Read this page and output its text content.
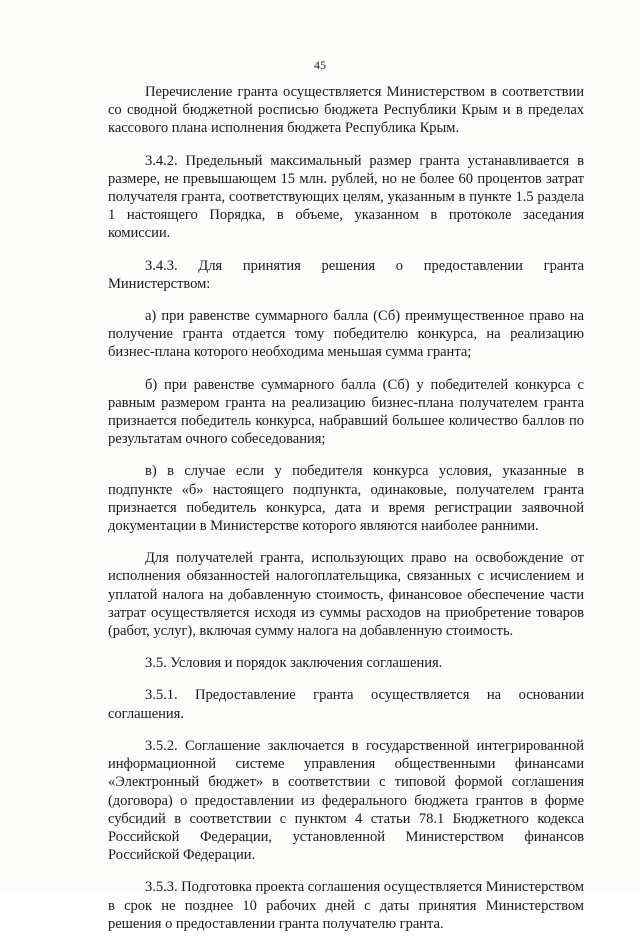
45

Перечисление гранта осуществляется Министерством в соответствии со сводной бюджетной росписью бюджета Республики Крым и в пределах кассового плана исполнения бюджета Республика Крым.

3.4.2. Предельный максимальный размер гранта устанавливается в размере, не превышающем 15 млн. рублей, но не более 60 процентов затрат получателя гранта, соответствующих целям, указанным в пункте 1.5 раздела 1 настоящего Порядка, в объеме, указанном в протоколе заседания комиссии.

3.4.3. Для принятия решения о предоставлении гранта Министерством:

а) при равенстве суммарного балла (Сб) преимущественное право на получение гранта отдается тому победителю конкурса, на реализацию бизнес-плана которого необходима меньшая сумма гранта;

б) при равенстве суммарного балла (Сб) у победителей конкурса с равным размером гранта на реализацию бизнес-плана получателем гранта признается победитель конкурса, набравший большее количество баллов по результатам очного собеседования;

в) в случае если у победителя конкурса условия, указанные в подпункте «б» настоящего подпункта, одинаковые, получателем гранта признается победитель конкурса, дата и время регистрации заявочной документации в Министерстве которого являются наиболее ранними.

Для получателей гранта, использующих право на освобождение от исполнения обязанностей налогоплательщика, связанных с исчислением и уплатой налога на добавленную стоимость, финансовое обеспечение части затрат осуществляется исходя из суммы расходов на приобретение товаров (работ, услуг), включая сумму налога на добавленную стоимость.

3.5. Условия и порядок заключения соглашения.

3.5.1. Предоставление гранта осуществляется на основании соглашения.

3.5.2. Соглашение заключается в государственной интегрированной информационной системе управления общественными финансами «Электронный бюджет» в соответствии с типовой формой соглашения (договора) о предоставлении из федерального бюджета грантов в форме субсидий в соответствии с пунктом 4 статьи 78.1 Бюджетного кодекса Российской Федерации, установленной Министерством финансов Российской Федерации.

3.5.3. Подготовка проекта соглашения осуществляется Министерством в срок не позднее 10 рабочих дней с даты принятия Министерством решения о предоставлении гранта получателю гранта.
